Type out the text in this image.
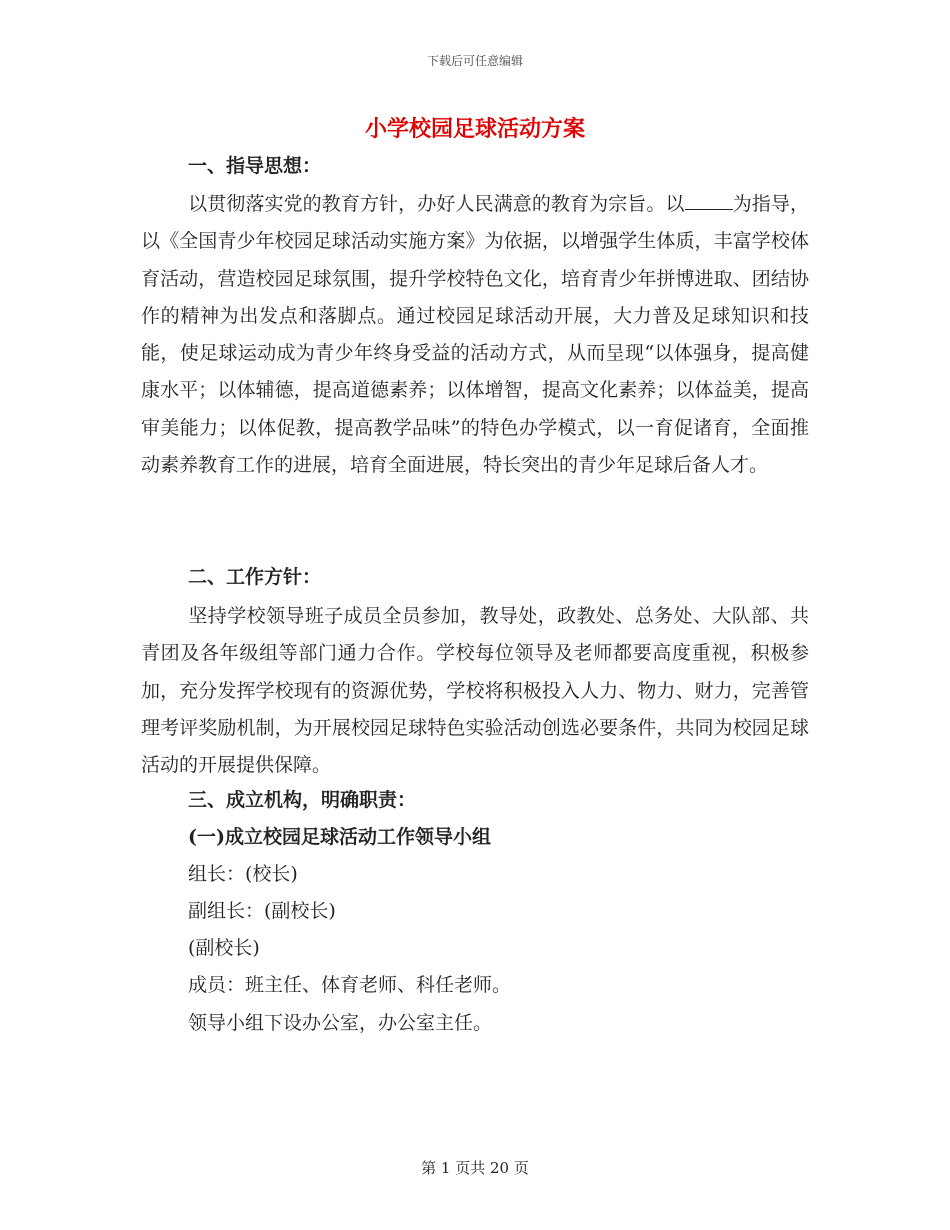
下载后可任意编辑
小学校园足球活动方案
一、指导思想：
以贯彻落实党的教育方针，办好人民满意的教育为宗旨。以	为指导，以《全国青少年校园足球活动实施方案》为依据，以增强学生体质，丰富学校体育活动，营造校园足球氛围，提升学校特色文化，培育青少年拼博进取、团结协作的精神为出发点和落脚点。通过校园足球活动开展，大力普及足球知识和技能，使足球运动成为青少年终身受益的活动方式，从而呈现“以体强身，提高健康水平；以体辅德，提高道德素养；以体增智，提高文化素养；以体益美，提高审美能力；以体促教，提高教学品味”的特色办学模式，以一育促诸育，全面推动素养教育工作的进展，培育全面进展，特长突出的青少年足球后备人才。
二、工作方针：
坚持学校领导班子成员全员参加，教导处，政教处、总务处、大队部、共青团及各年级组等部门通力合作。学校每位领导及老师都要高度重视，积极参加，充分发挥学校现有的资源优势，学校将积极投入人力、物力、财力，完善管理考评奖励机制，为开展校园足球特色实验活动创选必要条件，共同为校园足球活动的开展提供保障。
三、成立机构，明确职责：
(一)成立校园足球活动工作领导小组
组长：(校长)
副组长：(副校长)
(副校长)
成员：班主任、体育老师、科任老师。
领导小组下设办公室，办公室主任。
第 1 页共 20 页
